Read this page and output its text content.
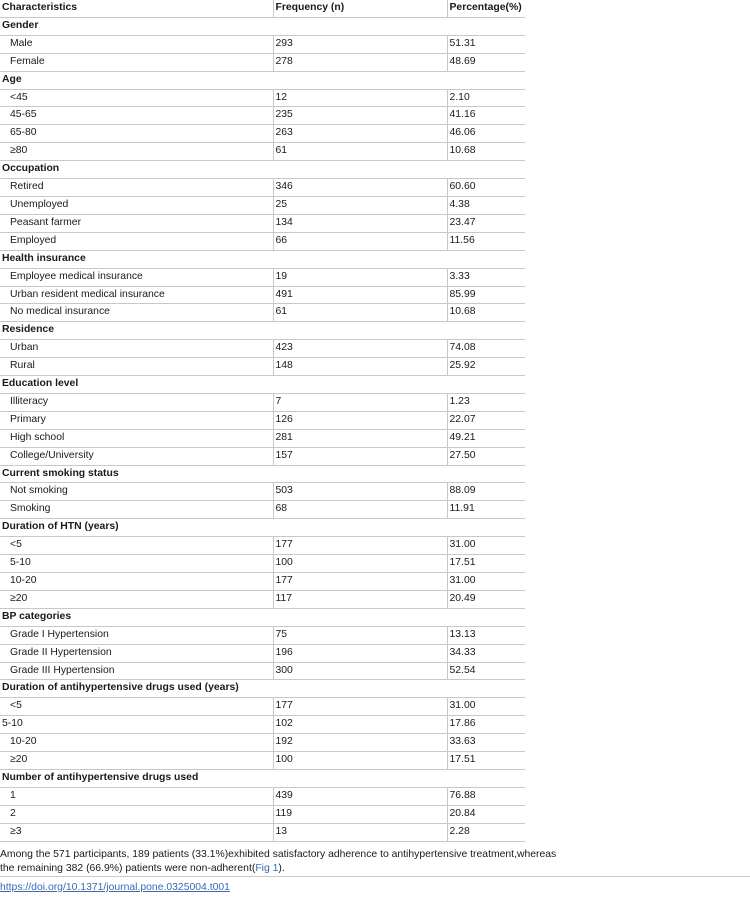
Characteristics	Frequency (n)	Percentage(%)
Gender		
Male	293	51.31
Female	278	48.69
Age		
<45	12	2.10
45-65	235	41.16
65-80	263	46.06
≥80	61	10.68
Occupation		
Retired	346	60.60
Unemployed	25	4.38
Peasant farmer	134	23.47
Employed	66	11.56
Health insurance		
Employee medical insurance	19	3.33
Urban resident medical insurance	491	85.99
No medical insurance	61	10.68
Residence		
Urban	423	74.08
Rural	148	25.92
Education level		
Illiteracy	7	1.23
Primary	126	22.07
High school	281	49.21
College/University	157	27.50
Current smoking status		
Not smoking	503	88.09
Smoking	68	11.91
Duration of HTN (years)		
<5	177	31.00
5-10	100	17.51
10-20	177	31.00
≥20	117	20.49
BP categories		
Grade I Hypertension	75	13.13
Grade II Hypertension	196	34.33
Grade III Hypertension	300	52.54
Duration of antihypertensive drugs used (years)		
<5	177	31.00
5-10	102	17.86
10-20	192	33.63
≥20	100	17.51
Number of antihypertensive drugs used		
1	439	76.88
2	119	20.84
≥3	13	2.28
Among the 571 participants, 189 patients (33.1%)exhibited satisfactory adherence to antihypertensive treatment,whereas the remaining 382 (66.9%) patients were non-adherent(Fig 1).
https://doi.org/10.1371/journal.pone.0325004.t001
